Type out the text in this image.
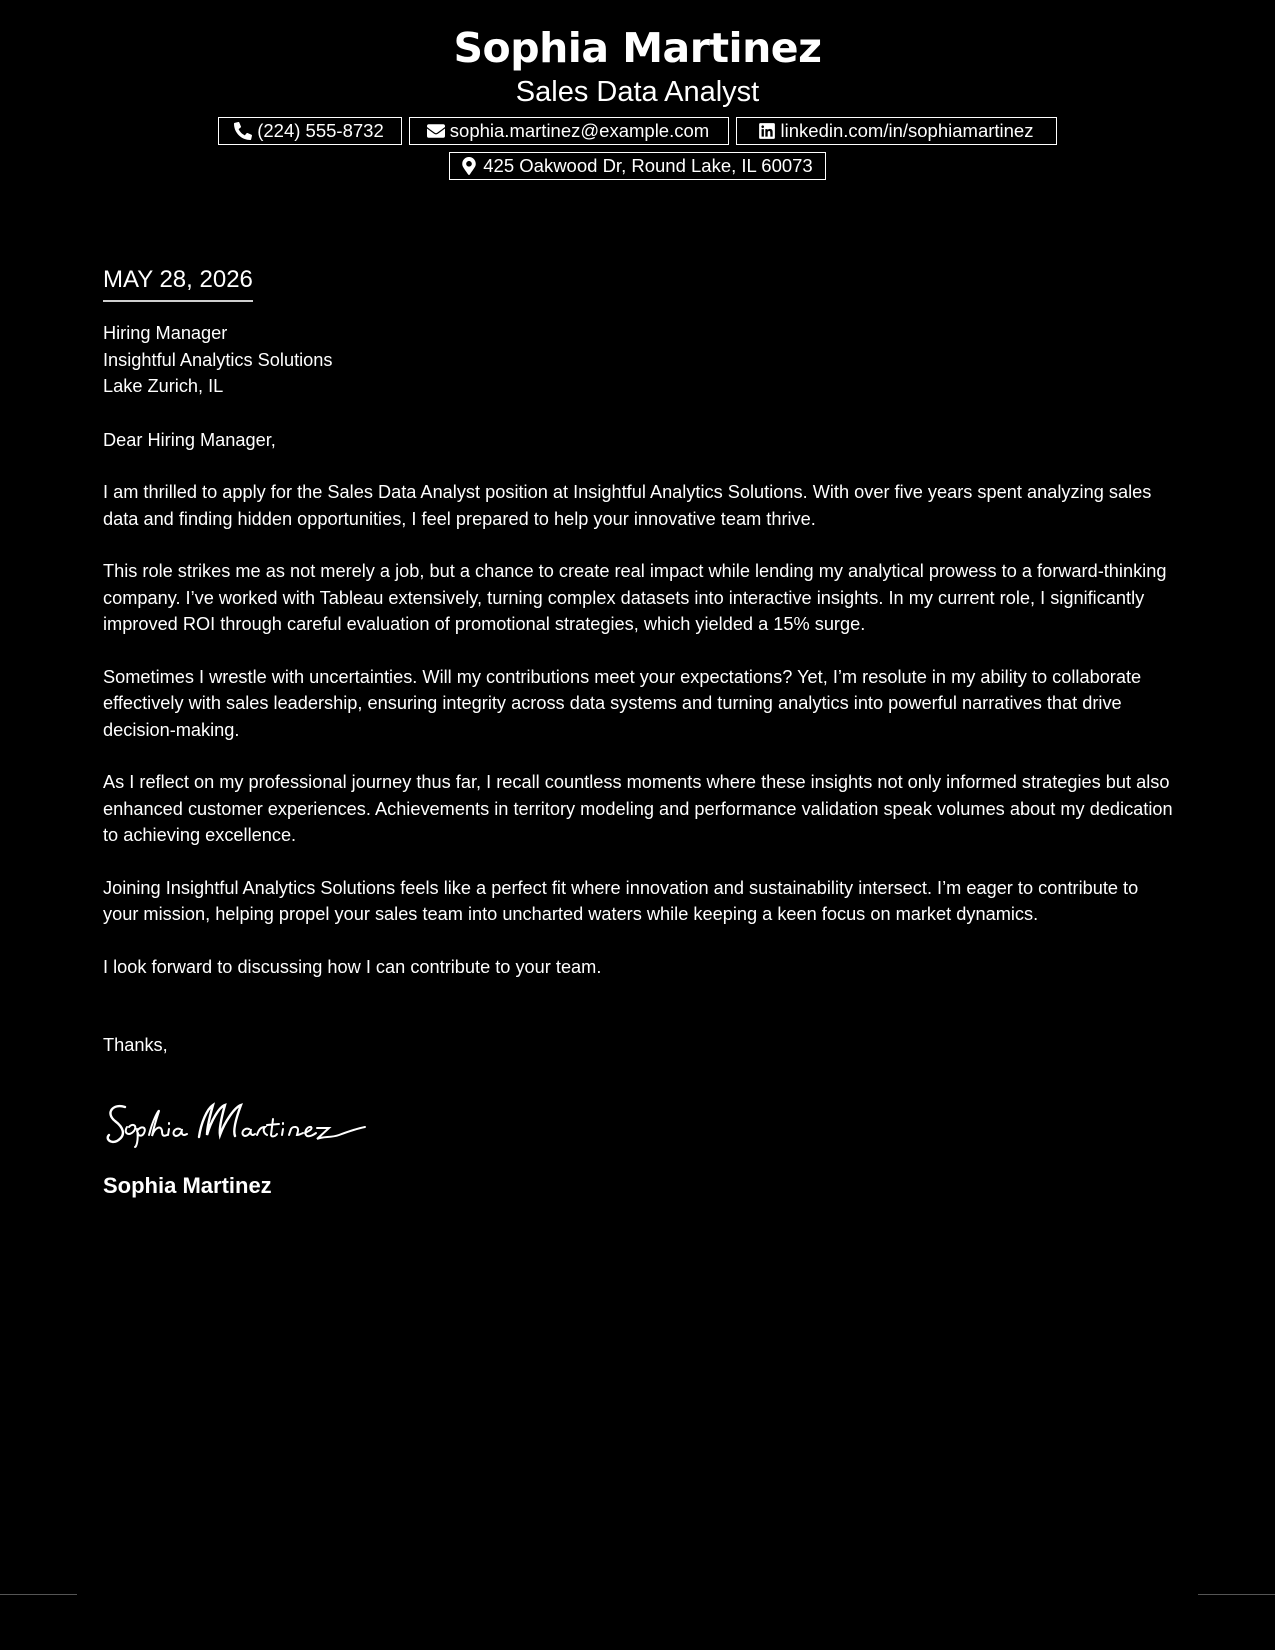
Sophia Martinez
Sales Data Analyst
(224) 555-8732	sophia.martinez@example.com	linkedin.com/in/sophiamartinez
425 Oakwood Dr, Round Lake, IL 60073
MAY 28, 2026

Hiring Manager

Insightful Analytics Solutions

Lake Zurich, IL

Dear Hiring Manager,

I am thrilled to apply for the Sales Data Analyst position at Insightful Analytics Solutions. With over five years spent analyzing sales data and finding hidden opportunities, I feel prepared to help your innovative team thrive.

This role strikes me as not merely a job, but a chance to create real impact while lending my analytical prowess to a forward-thinking company. I’ve worked with Tableau extensively, turning complex datasets into interactive insights. In my current role, I significantly improved ROI through careful evaluation of promotional strategies, which yielded a 15% surge.

Sometimes I wrestle with uncertainties. Will my contributions meet your expectations? Yet, I’m resolute in my ability to collaborate effectively with sales leadership, ensuring integrity across data systems and turning analytics into powerful narratives that drive decision-making.

As I reflect on my professional journey thus far, I recall countless moments where these insights not only informed strategies but also enhanced customer experiences. Achievements in territory modeling and performance validation speak volumes about my dedication to achieving excellence.

Joining Insightful Analytics Solutions feels like a perfect fit where innovation and sustainability intersect. I’m eager to contribute to your mission, helping propel your sales team into uncharted waters while keeping a keen focus on market dynamics.

I look forward to discussing how I can contribute to your team.

Thanks,

Sophia Martinez
